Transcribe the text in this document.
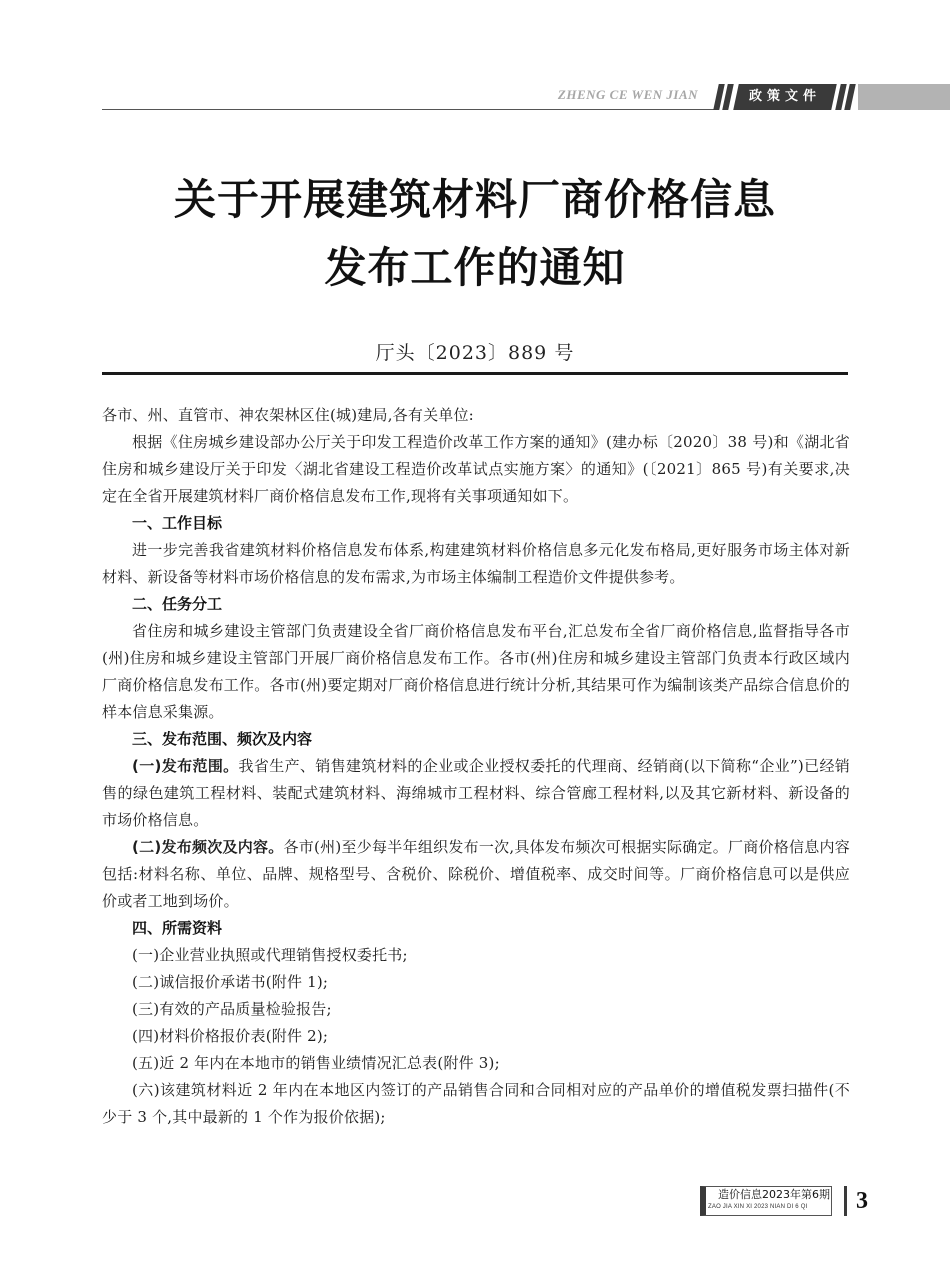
ZHENG CE WEN JIAN	政策文件
关于开展建筑材料厂商价格信息
发布工作的通知
厅头〔2023〕889 号

各市、州、直管市、神农架林区住(城)建局,各有关单位:

根据《住房城乡建设部办公厅关于印发工程造价改革工作方案的通知》(建办标〔2020〕38 号)和《湖北省住房和城乡建设厅关于印发〈湖北省建设工程造价改革试点实施方案〉的通知》(〔2021〕865 号)有关要求,决定在全省开展建筑材料厂商价格信息发布工作,现将有关事项通知如下。

一、工作目标

进一步完善我省建筑材料价格信息发布体系,构建建筑材料价格信息多元化发布格局,更好服务市场主体对新材料、新设备等材料市场价格信息的发布需求,为市场主体编制工程造价文件提供参考。

二、任务分工

省住房和城乡建设主管部门负责建设全省厂商价格信息发布平台,汇总发布全省厂商价格信息,监督指导各市(州)住房和城乡建设主管部门开展厂商价格信息发布工作。各市(州)住房和城乡建设主管部门负责本行政区域内厂商价格信息发布工作。各市(州)要定期对厂商价格信息进行统计分析,其结果可作为编制该类产品综合信息价的样本信息采集源。

三、发布范围、频次及内容

(一)发布范围。我省生产、销售建筑材料的企业或企业授权委托的代理商、经销商(以下简称“企业”)已经销售的绿色建筑工程材料、装配式建筑材料、海绵城市工程材料、综合管廊工程材料,以及其它新材料、新设备的市场价格信息。

(二)发布频次及内容。各市(州)至少每半年组织发布一次,具体发布频次可根据实际确定。厂商价格信息内容包括:材料名称、单位、品牌、规格型号、含税价、除税价、增值税率、成交时间等。厂商价格信息可以是供应价或者工地到场价。

四、所需资料

(一)企业营业执照或代理销售授权委托书;

(二)诚信报价承诺书(附件 1);

(三)有效的产品质量检验报告;

(四)材料价格报价表(附件 2);

(五)近 2 年内在本地市的销售业绩情况汇总表(附件 3);

(六)该建筑材料近 2 年内在本地区内签订的产品销售合同和合同相对应的产品单价的增值税发票扫描件(不少于 3 个,其中最新的 1 个作为报价依据);

造价信息2023年第6期
ZAO JIA XIN XI 2023 NIAN DI 6 QI	3
